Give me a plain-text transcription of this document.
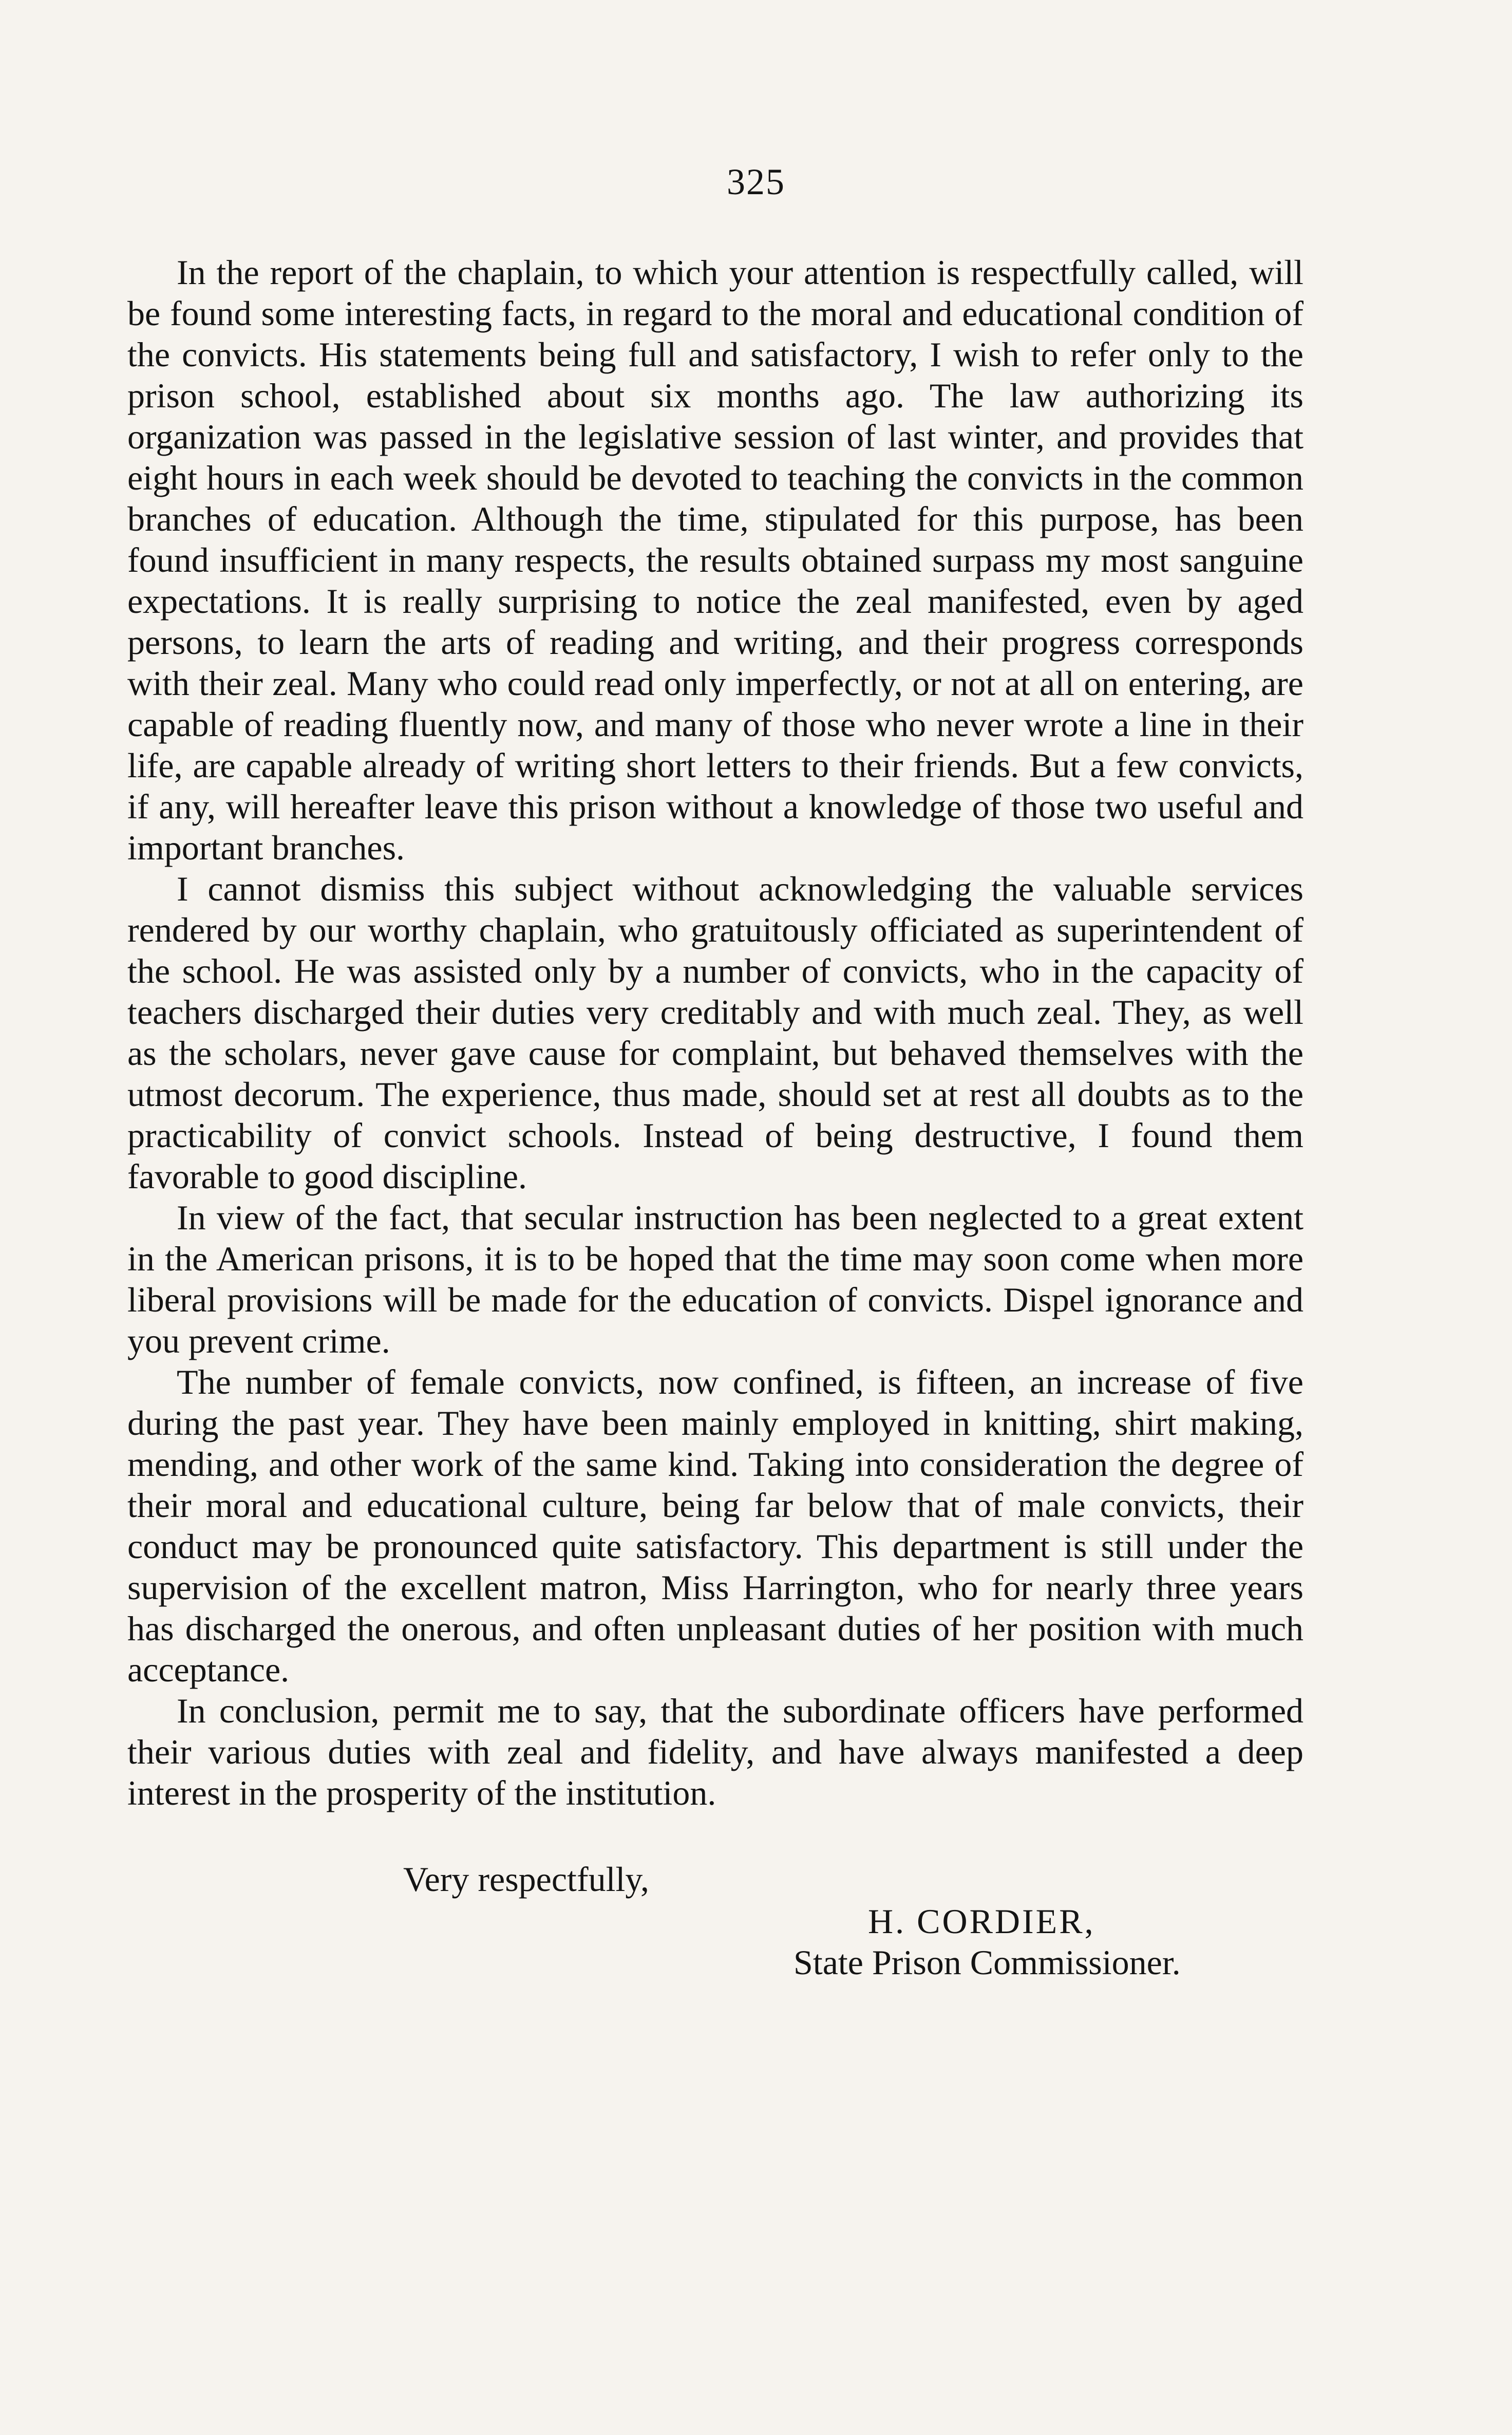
325

In the report of the chaplain, to which your attention is respectfully called, will be found some interesting facts, in regard to the moral and educational condition of the convicts. His statements being full and satisfactory, I wish to refer only to the prison school, established about six months ago. The law authorizing its organization was passed in the legislative session of last winter, and provides that eight hours in each week should be devoted to teaching the convicts in the common branches of education. Although the time, stipulated for this purpose, has been found insufficient in many respects, the results obtained surpass my most sanguine expectations. It is really surprising to notice the zeal manifested, even by aged persons, to learn the arts of reading and writing, and their progress corresponds with their zeal. Many who could read only imperfectly, or not at all on entering, are capable of reading fluently now, and many of those who never wrote a line in their life, are capable already of writing short letters to their friends. But a few convicts, if any, will hereafter leave this prison without a knowledge of those two useful and important branches.

I cannot dismiss this subject without acknowledging the valuable services rendered by our worthy chaplain, who gratuitously officiated as superintendent of the school. He was assisted only by a number of convicts, who in the capacity of teachers discharged their duties very creditably and with much zeal. They, as well as the scholars, never gave cause for complaint, but behaved themselves with the utmost decorum. The experience, thus made, should set at rest all doubts as to the practicability of convict schools. Instead of being destructive, I found them favorable to good discipline.

In view of the fact, that secular instruction has been neglected to a great extent in the American prisons, it is to be hoped that the time may soon come when more liberal provisions will be made for the education of convicts. Dispel ignorance and you prevent crime.

The number of female convicts, now confined, is fifteen, an increase of five during the past year. They have been mainly employed in knitting, shirt making, mending, and other work of the same kind. Taking into consideration the degree of their moral and educational culture, being far below that of male convicts, their conduct may be pronounced quite satisfactory. This department is still under the supervision of the excellent matron, Miss Harrington, who for nearly three years has discharged the onerous, and often unpleasant duties of her position with much acceptance.

In conclusion, permit me to say, that the subordinate officers have performed their various duties with zeal and fidelity, and have always manifested a deep interest in the prosperity of the institution.

Very respectfully,
H. CORDIER,
State Prison Commissioner.
